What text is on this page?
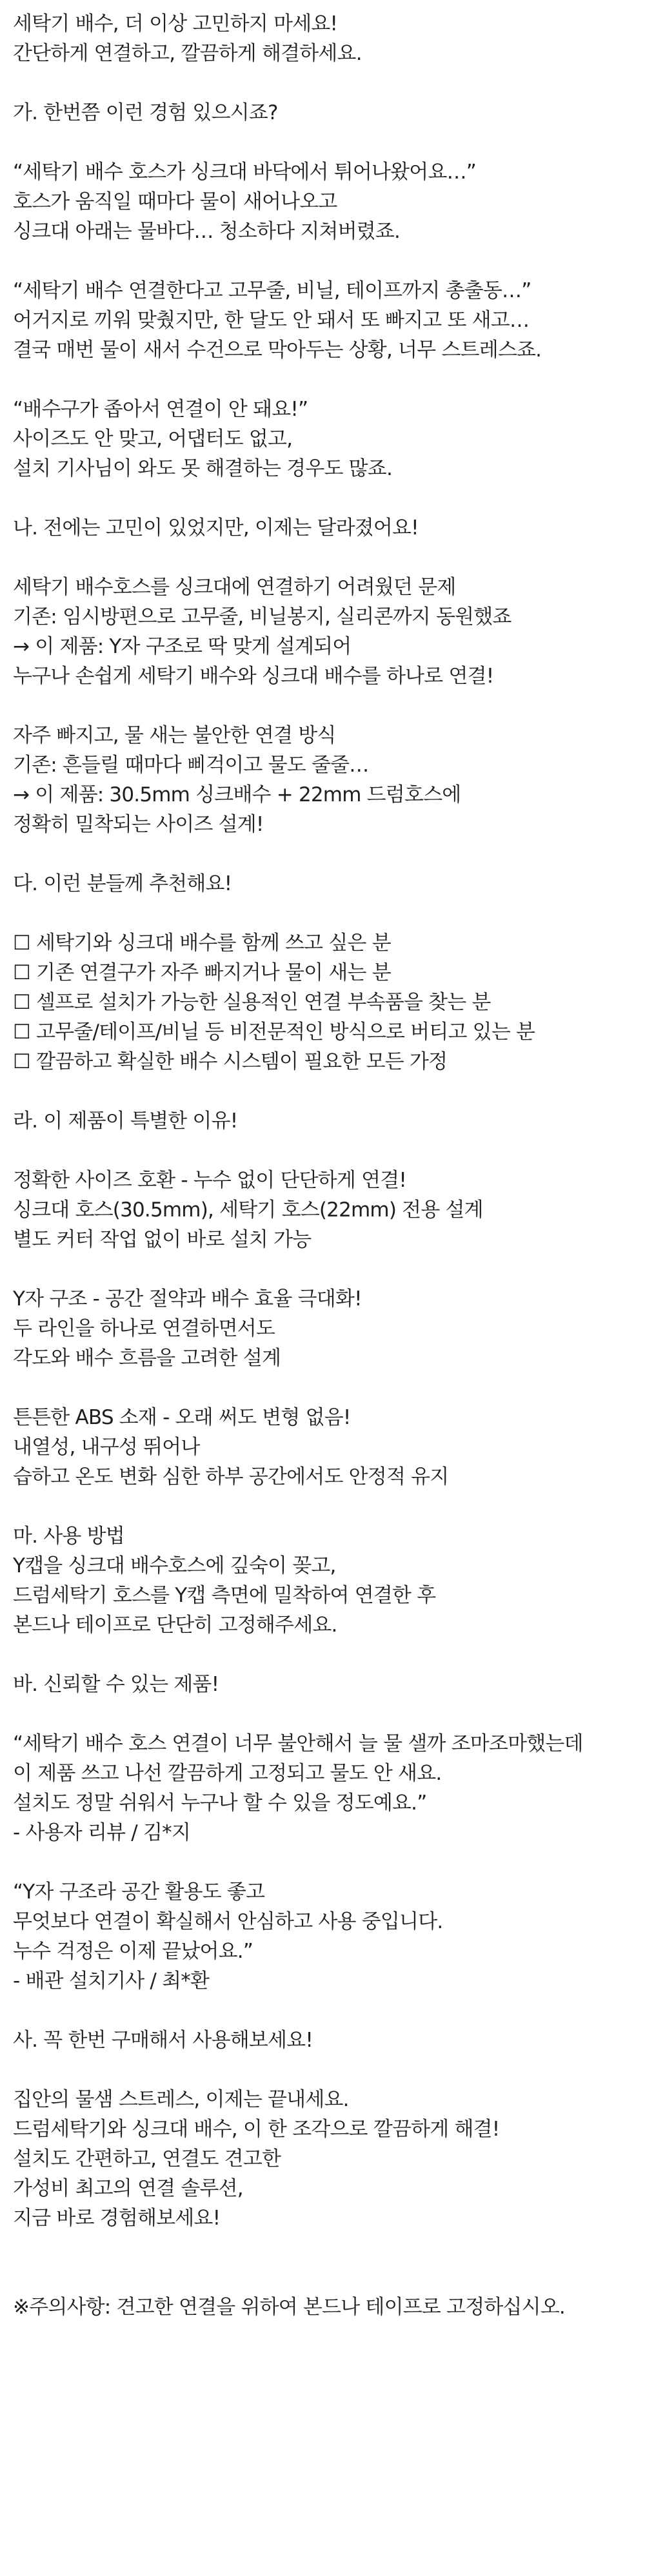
세탁기 배수, 더 이상 고민하지 마세요!
간단하게 연결하고, 깔끔하게 해결하세요.
가. 한번쯤 이런 경험 있으시죠?
“세탁기 배수 호스가 싱크대 바닥에서 튀어나왔어요…”
호스가 움직일 때마다 물이 새어나오고
싱크대 아래는 물바다… 청소하다 지쳐버렸죠.
“세탁기 배수 연결한다고 고무줄, 비닐, 테이프까지 총출동…”
어거지로 끼워 맞췄지만, 한 달도 안 돼서 또 빠지고 또 새고…
결국 매번 물이 새서 수건으로 막아두는 상황, 너무 스트레스죠.
“배수구가 좁아서 연결이 안 돼요!”
사이즈도 안 맞고, 어댑터도 없고,
설치 기사님이 와도 못 해결하는 경우도 많죠.
나. 전에는 고민이 있었지만, 이제는 달라졌어요!
세탁기 배수호스를 싱크대에 연결하기 어려웠던 문제
기존: 임시방편으로 고무줄, 비닐봉지, 실리콘까지 동원했죠
→ 이 제품: Y자 구조로 딱 맞게 설계되어
누구나 손쉽게 세탁기 배수와 싱크대 배수를 하나로 연결!
자주 빠지고, 물 새는 불안한 연결 방식
기존: 흔들릴 때마다 삐걱이고 물도 줄줄…
→ 이 제품: 30.5mm 싱크배수 + 22mm 드럼호스에
정확히 밀착되는 사이즈 설계!
다. 이런 분들께 추천해요!
☐ 세탁기와 싱크대 배수를 함께 쓰고 싶은 분
☐ 기존 연결구가 자주 빠지거나 물이 새는 분
☐ 셀프로 설치가 가능한 실용적인 연결 부속품을 찾는 분
☐ 고무줄/테이프/비닐 등 비전문적인 방식으로 버티고 있는 분
☐ 깔끔하고 확실한 배수 시스템이 필요한 모든 가정
라. 이 제품이 특별한 이유!
정확한 사이즈 호환 - 누수 없이 단단하게 연결!
싱크대 호스(30.5mm), 세탁기 호스(22mm) 전용 설계
별도 커터 작업 없이 바로 설치 가능
Y자 구조 - 공간 절약과 배수 효율 극대화!
두 라인을 하나로 연결하면서도
각도와 배수 흐름을 고려한 설계
튼튼한 ABS 소재 - 오래 써도 변형 없음!
내열성, 내구성 뛰어나
습하고 온도 변화 심한 하부 공간에서도 안정적 유지
마. 사용 방법
Y캡을 싱크대 배수호스에 깊숙이 꽂고,
드럼세탁기 호스를 Y캡 측면에 밀착하여 연결한 후
본드나 테이프로 단단히 고정해주세요.
바. 신뢰할 수 있는 제품!
“세탁기 배수 호스 연결이 너무 불안해서 늘 물 샐까 조마조마했는데
이 제품 쓰고 나선 깔끔하게 고정되고 물도 안 새요.
설치도 정말 쉬워서 누구나 할 수 있을 정도예요.”
- 사용자 리뷰 / 김*지
“Y자 구조라 공간 활용도 좋고
무엇보다 연결이 확실해서 안심하고 사용 중입니다.
누수 걱정은 이제 끝났어요.”
- 배관 설치기사 / 최*환
사. 꼭 한번 구매해서 사용해보세요!
집안의 물샘 스트레스, 이제는 끝내세요.
드럼세탁기와 싱크대 배수, 이 한 조각으로 깔끔하게 해결!
설치도 간편하고, 연결도 견고한
가성비 최고의 연결 솔루션,
지금 바로 경험해보세요!
※주의사항: 견고한 연결을 위하여 본드나 테이프로 고정하십시오.
